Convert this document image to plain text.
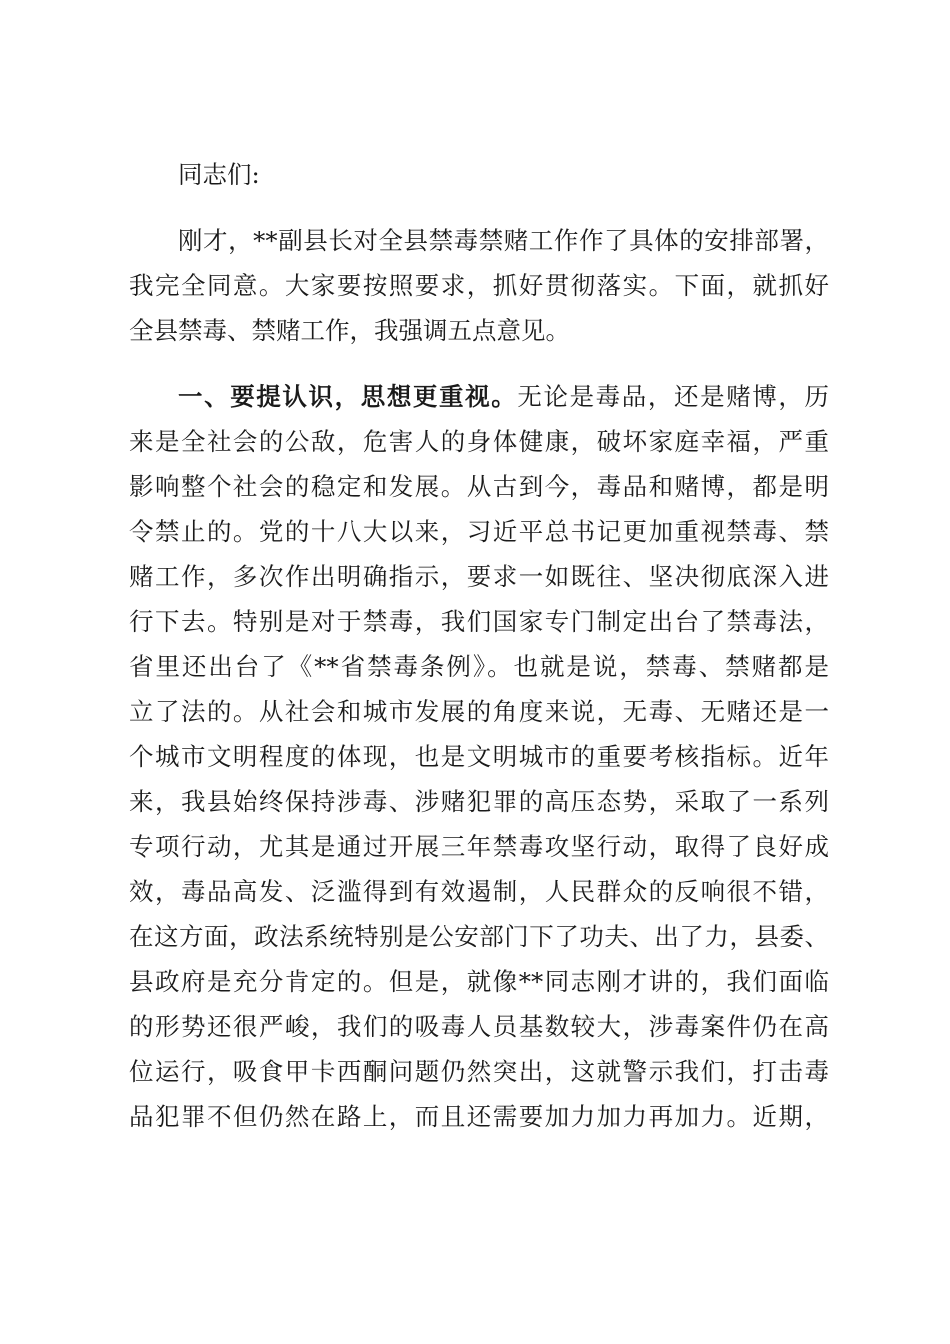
同志们:
刚才，**副县长对全县禁毒禁赌工作作了具体的安排部署，
我完全同意。大家要按照要求，抓好贯彻落实。下面，就抓好
全县禁毒、禁赌工作，我强调五点意见。
一、要提认识，思想更重视。无论是毒品，还是赌博，历
来是全社会的公敌，危害人的身体健康，破坏家庭幸福，严重
影响整个社会的稳定和发展。从古到今，毒品和赌博，都是明
令禁止的。党的十八大以来，习近平总书记更加重视禁毒、禁
赌工作，多次作出明确指示，要求一如既往、坚决彻底深入进
行下去。特别是对于禁毒，我们国家专门制定出台了禁毒法，
省里还出台了《**省禁毒条例》。也就是说，禁毒、禁赌都是
立了法的。从社会和城市发展的角度来说，无毒、无赌还是一
个城市文明程度的体现，也是文明城市的重要考核指标。近年
来，我县始终保持涉毒、涉赌犯罪的高压态势，采取了一系列
专项行动，尤其是通过开展三年禁毒攻坚行动，取得了良好成
效，毒品高发、泛滥得到有效遏制，人民群众的反响很不错，
在这方面，政法系统特别是公安部门下了功夫、出了力，县委、
县政府是充分肯定的。但是，就像**同志刚才讲的，我们面临
的形势还很严峻，我们的吸毒人员基数较大，涉毒案件仍在高
位运行，吸食甲卡西酮问题仍然突出，这就警示我们，打击毒
品犯罪不但仍然在路上，而且还需要加力加力再加力。近期，
